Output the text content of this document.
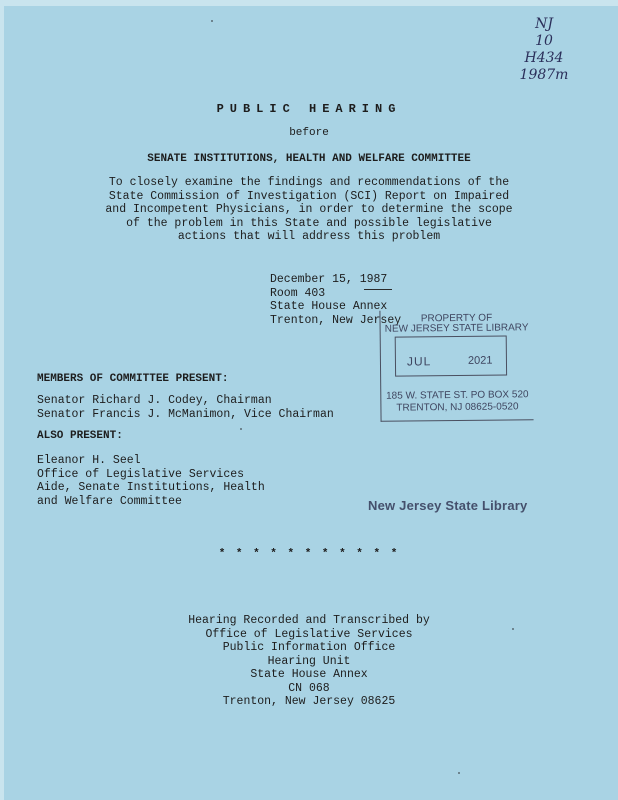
NJ
10
H434
1987m
PUBLIC HEARING
before
SENATE INSTITUTIONS, HEALTH AND WELFARE COMMITTEE
To closely examine the findings and recommendations of the
State Commission of Investigation (SCI) Report on Impaired
and Incompetent Physicians, in order to determine the scope
of the problem in this State and possible legislative
actions that will address this problem
December 15, 1987
Room 403
State House Annex
Trenton, New Jersey	PROPERTY OF
NEW JERSEY STATE LIBRARY
JUL	2021
185 W. STATE ST. PO BOX 520
TRENTON, NJ 08625-0520
MEMBERS OF COMMITTEE PRESENT:
Senator Richard J. Codey, Chairman
Senator Francis J. McManimon, Vice Chairman
ALSO PRESENT:
Eleanor H. Seel
Office of Legislative Services
Aide, Senate Institutions, Health
and Welfare Committee	New Jersey State Library
* * * * * * * * * * *
Hearing Recorded and Transcribed by
Office of Legislative Services
Public Information Office
Hearing Unit
State House Annex
CN 068
Trenton, New Jersey 08625
